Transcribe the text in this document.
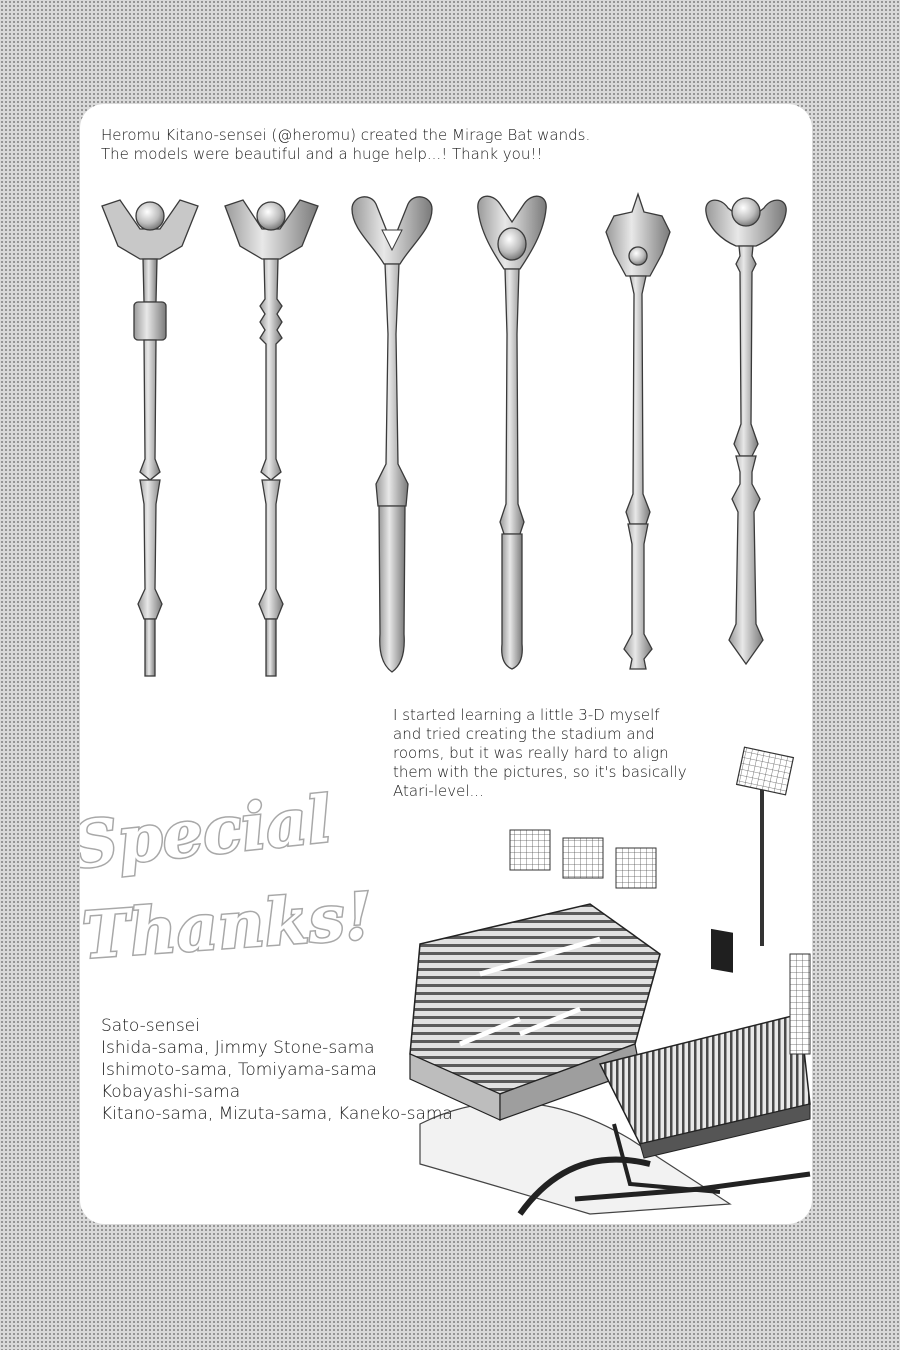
Heromu Kitano-sensei (@heromu) created the Mirage Bat wands.
The models were beautiful and a huge help...! Thank you!!

I started learning a little 3-D myself
and tried creating the stadium and
rooms, but it was really hard to align
them with the pictures, so it's basically
Atari-level...

Special
Thanks!

Sato-sensei
Ishida-sama, Jimmy Stone-sama
Ishimoto-sama, Tomiyama-sama
Kobayashi-sama
Kitano-sama, Mizuta-sama, Kaneko-sama
